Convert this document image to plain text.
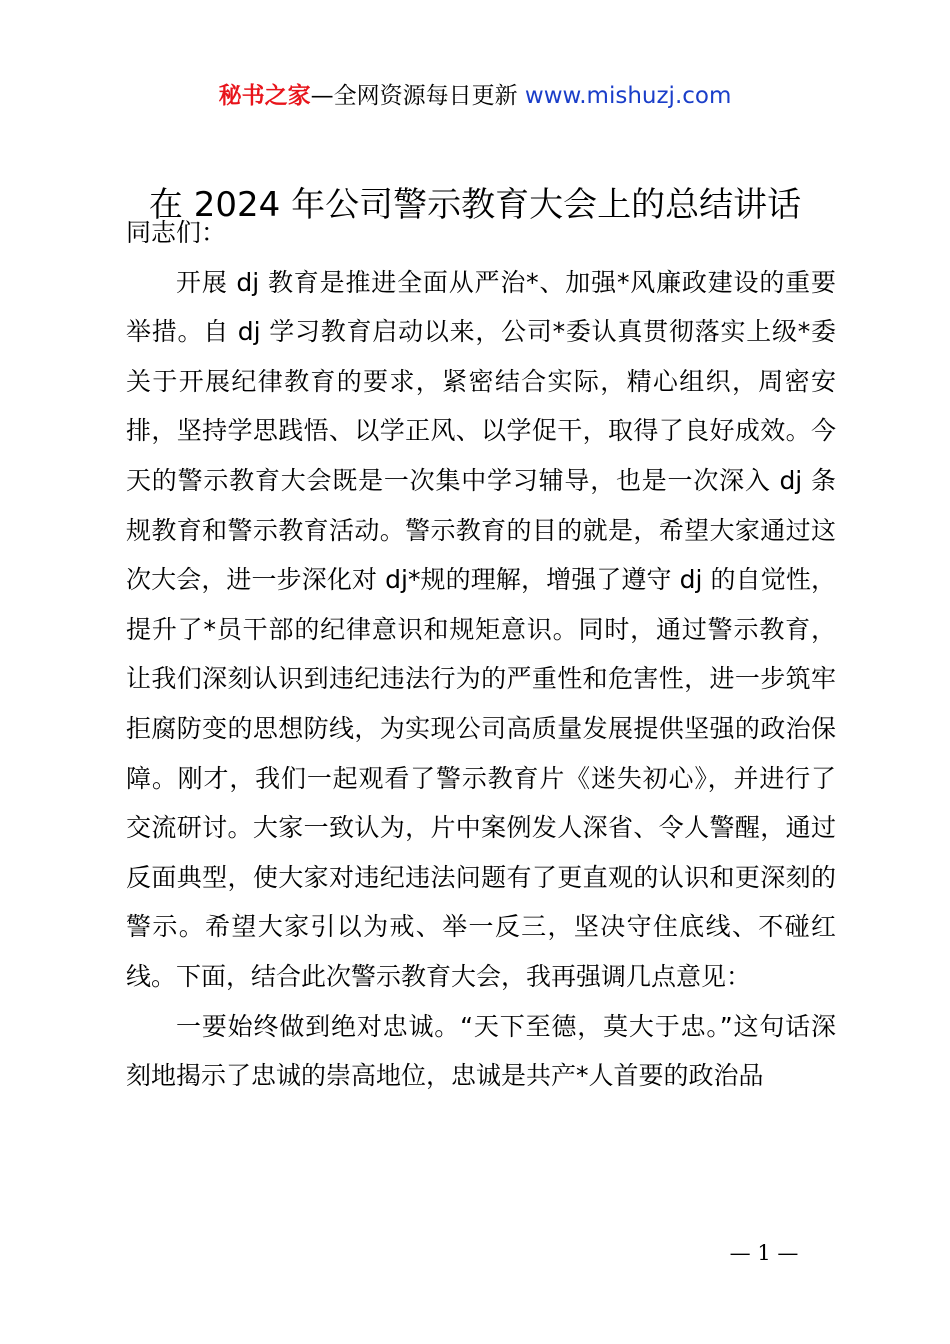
秘书之家—全网资源每日更新 www.mishuzj.com
在 2024 年公司警示教育大会上的总结讲话

同志们：

开展 dj 教育是推进全面从严治*、加强*风廉政建设的重要举措。自 dj 学习教育启动以来，公司*委认真贯彻落实上级*委关于开展纪律教育的要求，紧密结合实际，精心组织，周密安排，坚持学思践悟、以学正风、以学促干，取得了良好成效。今天的警示教育大会既是一次集中学习辅导，也是一次深入 dj 条规教育和警示教育活动。警示教育的目的就是，希望大家通过这次大会，进一步深化对 dj*规的理解，增强了遵守 dj 的自觉性，提升了*员干部的纪律意识和规矩意识。同时，通过警示教育，让我们深刻认识到违纪违法行为的严重性和危害性，进一步筑牢拒腐防变的思想防线，为实现公司高质量发展提供坚强的政治保障。刚才，我们一起观看了警示教育片《迷失初心》，并进行了交流研讨。大家一致认为，片中案例发人深省、令人警醒，通过反面典型，使大家对违纪违法问题有了更直观的认识和更深刻的警示。希望大家引以为戒、举一反三，坚决守住底线、不碰红线。下面，结合此次警示教育大会，我再强调几点意见：

一要始终做到绝对忠诚。“天下至德，莫大于忠。”这句话深刻地揭示了忠诚的崇高地位，忠诚是共产*人首要的政治品

— 1 —
